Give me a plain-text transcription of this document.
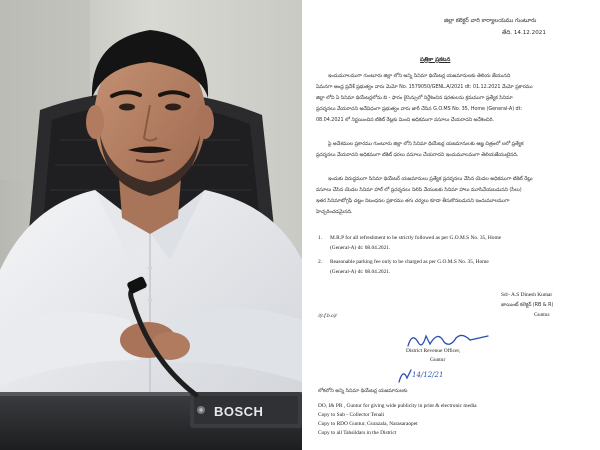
BOSCH
జిల్లా కలెక్టర్ వారి కార్యాలయము గుంటూరు
తేది. 14.12.2021
పత్రికా ప్రకటన
ఇందుమూలముగా గుంటూరు జిల్లా లోని అన్ని సినిమా థియేటర్ల యజమానులకు తెలియ జేయునది
ఏమనగా ఆంధ్ర ప్రదేశ్ ప్రభుత్వం వారు మెమో No. 1579050/GENL.A/2021 dt: 01.12.2021 మేమో ప్రకారము
జిల్లా లోని ఏ సినిమా థియేటర్లలోను బి - ఫారం లైసెన్సులో నిర్దేశించిన షరతులను క్రమముగా ప్రత్యేక సినిమా
ప్రదర్శనలు వేయరాదని అదేవిధంగా ప్రభుత్వం వారు జారీ చేసిన G.O.MS No. 35, Home (General-A) dt:
08.04.2021 లో నిర్ణయించిన టికెట్ రేట్లకు మించి అధికముగా వసూలు చేయరాదని అదేశించిరి.
పై అదేశముల ప్రకారము గుంటూరు జిల్లా లోని సినిమా థియేటర్ల యజమానులకు ఆజ్ఞ చిత్రంలో లలో ప్రత్యేక
ప్రదర్శనలు వేయరాదని అధికముగా టికెట్ ధరలు వసూలు చేయరాదని ఇందుమూలముగా తెలియజేయుటైనది.
ఇందుకు విరుద్ధముగా సినిమా థియేటర్ యజమానులు ప్రత్యేక ప్రదర్శనలు వేసిన యెడల అధికముగా టికెట్ రేట్లు
వసూలు చేసిన యెడల సినిమా హాల్ లో ప్రదర్శనలు నిలిపి వేయుటకు సినిమా హాలు మూసివేయబడునని (సీలు)
ఇతర సినిమాటోగ్రఫీ చట్టం నిబంధనల ప్రకారము తగు చర్యలు కూడా తీసుకొనబడునని ఇందుమూలముగా
హెచ్చరించడమైనది.
1. M.R.P for all refreshment to be strictly followed as per G.O.M.S No. 35, Home
(General-A) dt: 08.04.2021.
2. Reasonable parking fee only to be charged as per G.O.M.S No. 35, Home
(General-A) dt: 08.04.2021.
Sd/- A.S Dinesh Kumar
జాయింట్ కలెక్టర్ (RB & R)
Guntur.
/(t.f.b.o)/
District Revenue Officer,
Guntur
14/12/21
లోకలోని అన్ని సినిమా థియేటర్ల యజమానులకు
DO, I& PR , Guntur for giving wide publicity in print & electronic media
Copy to Sub - Collector Tenali
Copy to RDO Guntur, Gurazala, Narasaraopet
Copy to all Tahsildars in the District
